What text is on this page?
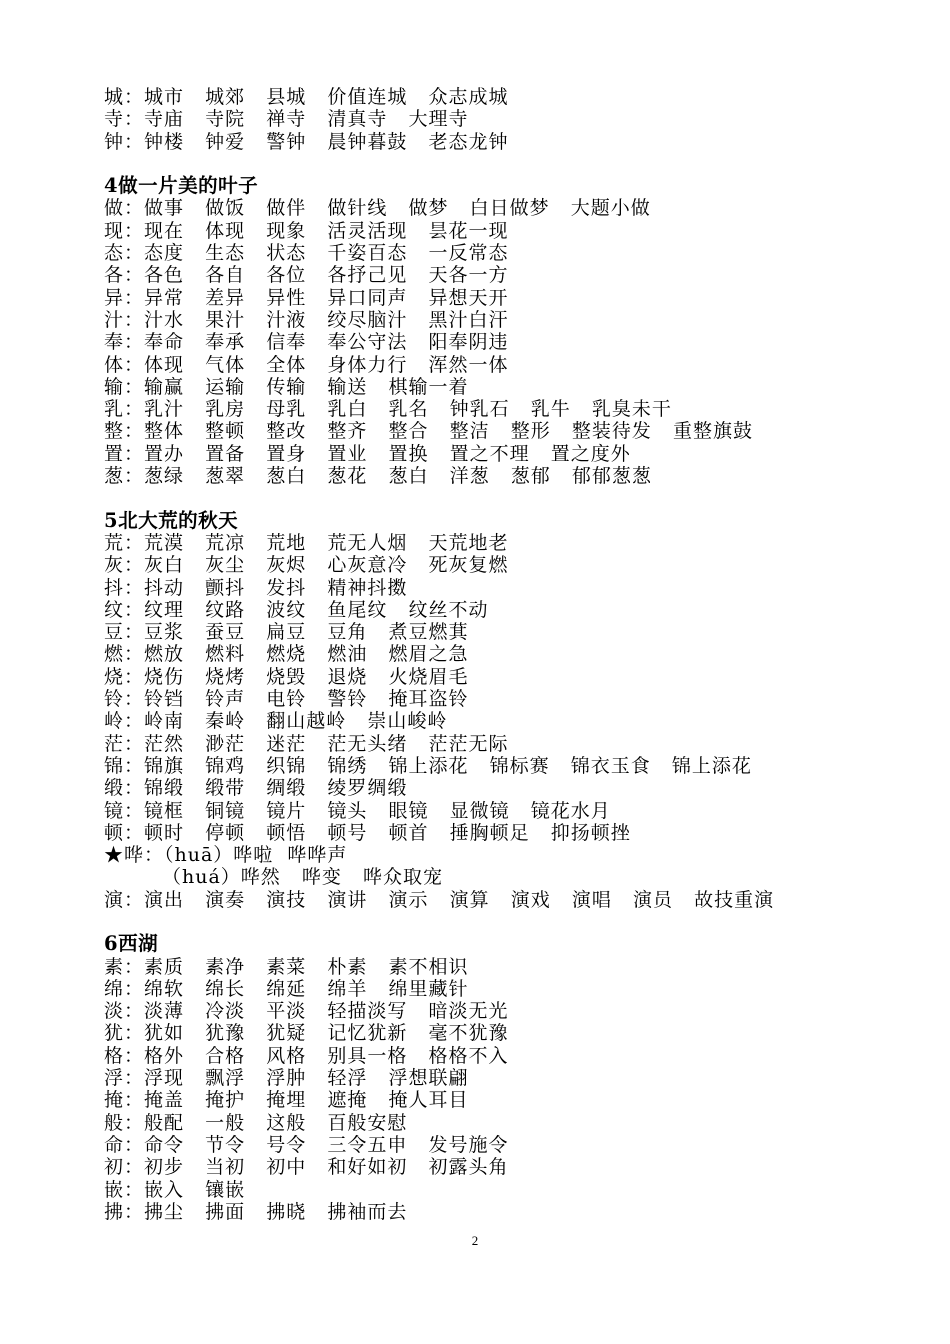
城：城市   城郊   县城   价值连城   众志成城
寺：寺庙   寺院   禅寺   清真寺   大理寺
钟：钟楼   钟爱   警钟   晨钟暮鼓   老态龙钟
4做一片美的叶子
做：做事   做饭   做伴   做针线   做梦   白日做梦   大题小做
现：现在   体现   现象   活灵活现   昙花一现
态：态度   生态   状态   千姿百态   一反常态
各：各色   各自   各位   各抒己见   天各一方
异：异常   差异   异性   异口同声   异想天开
汁：汁水   果汁   汁液   绞尽脑汁   黑汁白汗
奉：奉命   奉承   信奉   奉公守法   阳奉阴违
体：体现   气体   全体   身体力行   浑然一体
输：输赢   运输   传输   输送   棋输一着
乳：乳汁   乳房   母乳   乳白   乳名   钟乳石   乳牛   乳臭未干
整：整体   整顿   整改   整齐   整合   整洁   整形   整装待发   重整旗鼓
置：置办   置备   置身   置业   置换   置之不理   置之度外
葱：葱绿   葱翠   葱白   葱花   葱白   洋葱   葱郁   郁郁葱葱
5北大荒的秋天
荒：荒漠   荒凉   荒地   荒无人烟   天荒地老
灰：灰白   灰尘   灰烬   心灰意冷   死灰复燃
抖：抖动   颤抖   发抖   精神抖擞
纹：纹理   纹路   波纹   鱼尾纹   纹丝不动
豆：豆浆   蚕豆   扁豆   豆角   煮豆燃萁
燃：燃放   燃料   燃烧   燃油   燃眉之急
烧：烧伤   烧烤   烧毁   退烧   火烧眉毛
铃：铃铛   铃声   电铃   警铃   掩耳盗铃
岭：岭南   秦岭   翻山越岭   崇山峻岭
茫：茫然   渺茫   迷茫   茫无头绪   茫茫无际
锦：锦旗   锦鸡   织锦   锦绣   锦上添花   锦标赛   锦衣玉食   锦上添花
缎：锦缎   缎带   绸缎   绫罗绸缎
镜：镜框   铜镜   镜片   镜头   眼镜   显微镜   镜花水月
顿：顿时   停顿   顿悟   顿号   顿首   捶胸顿足   抑扬顿挫
★哗：（huā）哗啦  哗哗声
（huá）哗然   哗变   哗众取宠
演：演出   演奏   演技   演讲   演示   演算   演戏   演唱   演员   故技重演
6西湖
素：素质   素净   素菜   朴素   素不相识
绵：绵软   绵长   绵延   绵羊   绵里藏针
淡：淡薄   冷淡   平淡   轻描淡写   暗淡无光
犹：犹如   犹豫   犹疑   记忆犹新   毫不犹豫
格：格外   合格   风格   别具一格   格格不入
浮：浮现   飘浮   浮肿   轻浮   浮想联翩
掩：掩盖   掩护   掩埋   遮掩   掩人耳目
般：般配   一般   这般   百般安慰
命：命令   节令   号令   三令五申   发号施令
初：初步   当初   初中   和好如初   初露头角
嵌：嵌入   镶嵌
拂：拂尘   拂面   拂晓   拂袖而去
2
